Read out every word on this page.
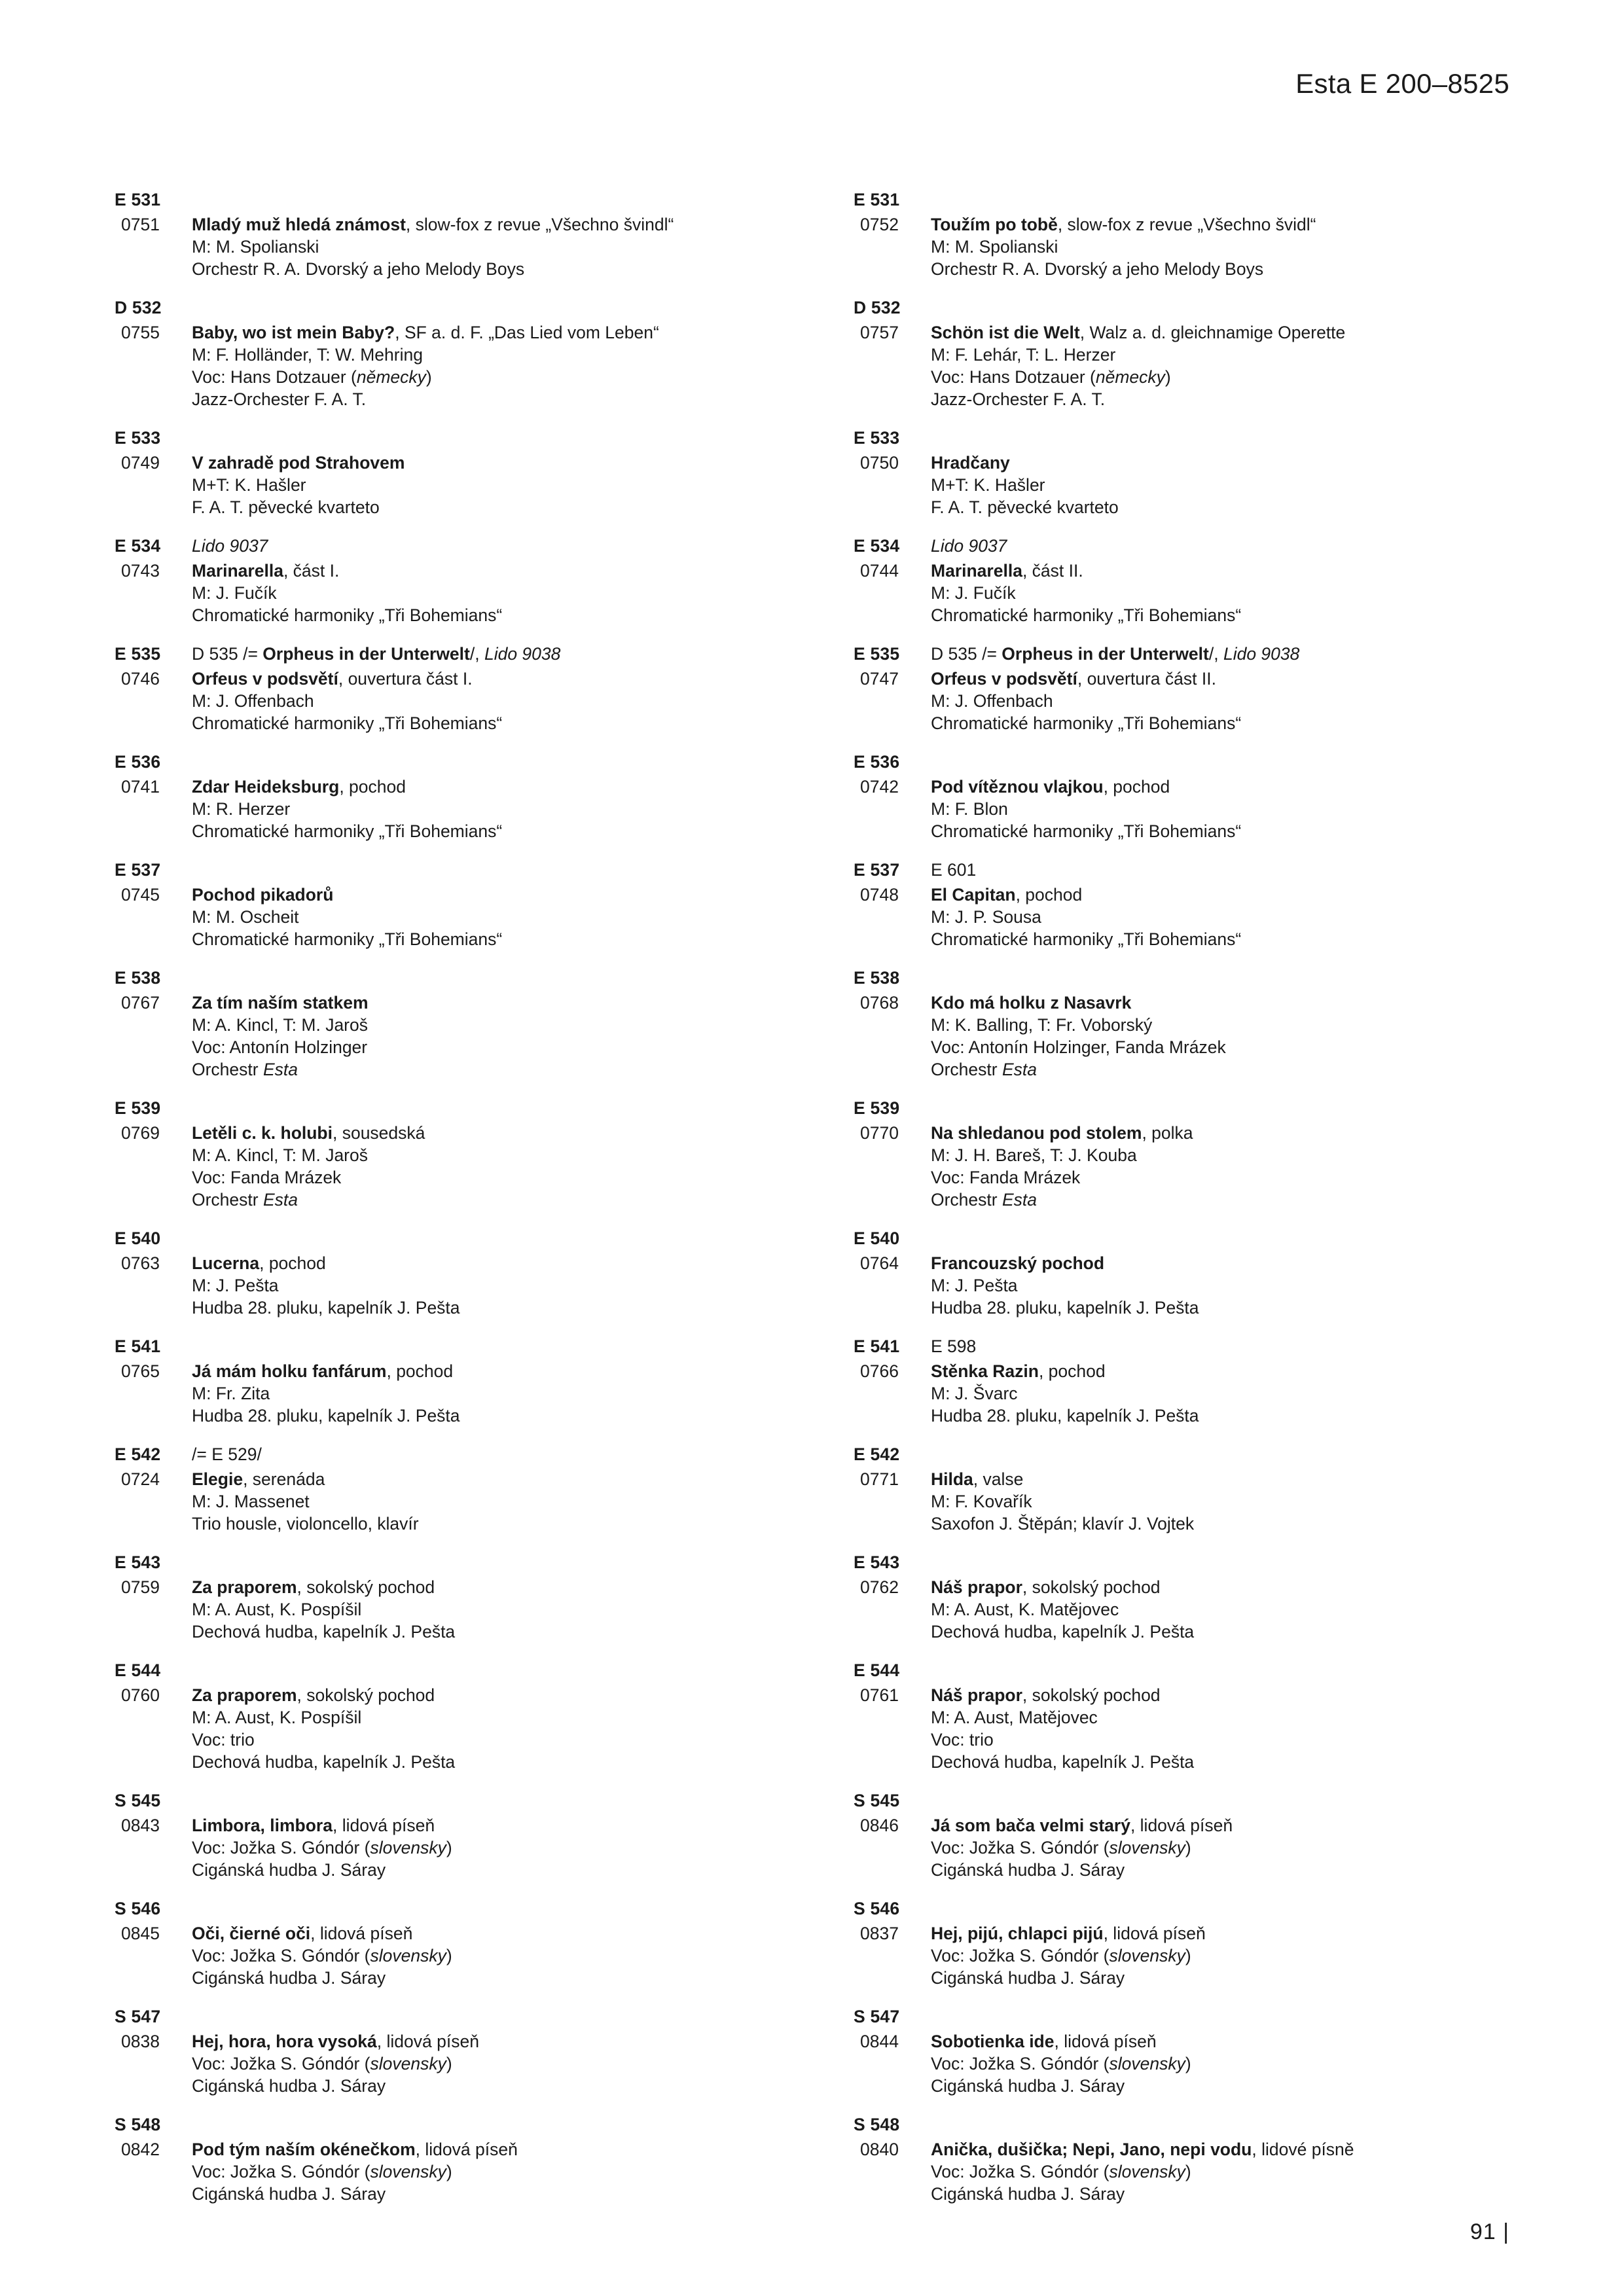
Esta E 200–8525
E 531
0751	Mladý muž hledá známost, slow-fox z revue „Všechno švindl“
M: M. Spolianski
Orchestr R. A. Dvorský a jeho Melody Boys
D 532
0755	Baby, wo ist mein Baby?, SF a. d. F. „Das Lied vom Leben“
M: F. Holländer, T: W. Mehring
Voc: Hans Dotzauer (německy)
Jazz-Orchester F. A. T.
E 533
0749	V zahradě pod Strahovem
M+T: K. Hašler
F. A. T. pěvecké kvarteto
E 534	Lido 9037
0743	Marinarella, část I.
M: J. Fučík
Chromatické harmoniky „Tři Bohemians“
E 535	D 535 /= Orpheus in der Unterwelt/, Lido 9038
0746	Orfeus v podsvětí, ouvertura část I.
M: J. Offenbach
Chromatické harmoniky „Tři Bohemians“
E 536
0741	Zdar Heideksburg, pochod
M: R. Herzer
Chromatické harmoniky „Tři Bohemians“
E 537
0745	Pochod pikadorů
M: M. Oscheit
Chromatické harmoniky „Tři Bohemians“
E 538
0767	Za tím naším statkem
M: A. Kincl, T: M. Jaroš
Voc: Antonín Holzinger
Orchestr Esta
E 539
0769	Letěli c. k. holubi, sousedská
M: A. Kincl, T: M. Jaroš
Voc: Fanda Mrázek
Orchestr Esta
E 540
0763	Lucerna, pochod
M: J. Pešta
Hudba 28. pluku, kapelník J. Pešta
E 541
0765	Já mám holku fanfárum, pochod
M: Fr. Zita
Hudba 28. pluku, kapelník J. Pešta
E 542	/= E 529/
0724	Elegie, serenáda
M: J. Massenet
Trio housle, violoncello, klavír
E 543
0759	Za praporem, sokolský pochod
M: A. Aust, K. Pospíšil
Dechová hudba, kapelník J. Pešta
E 544
0760	Za praporem, sokolský pochod
M: A. Aust, K. Pospíšil
Voc: trio
Dechová hudba, kapelník J. Pešta
S 545
0843	Limbora, limbora, lidová píseň
Voc: Jožka S. Góndór (slovensky)
Cigánská hudba J. Sáray
S 546
0845	Oči, čierné oči, lidová píseň
Voc: Jožka S. Góndór (slovensky)
Cigánská hudba J. Sáray
S 547
0838	Hej, hora, hora vysoká, lidová píseň
Voc: Jožka S. Góndór (slovensky)
Cigánská hudba J. Sáray
S 548
0842	Pod tým naším okénečkom, lidová píseň
Voc: Jožka S. Góndór (slovensky)
Cigánská hudba J. Sáray
E 531
0752	Toužím po tobě, slow-fox z revue „Všechno švidl“
M: M. Spolianski
Orchestr R. A. Dvorský a jeho Melody Boys
D 532
0757	Schön ist die Welt, Walz a. d. gleichnamige Operette
M: F. Lehár, T: L. Herzer
Voc: Hans Dotzauer (německy)
Jazz-Orchester F. A. T.
E 533
0750	Hradčany
M+T: K. Hašler
F. A. T. pěvecké kvarteto
E 534	Lido 9037
0744	Marinarella, část II.
M: J. Fučík
Chromatické harmoniky „Tři Bohemians“
E 535	D 535 /= Orpheus in der Unterwelt/, Lido 9038
0747	Orfeus v podsvětí, ouvertura část II.
M: J. Offenbach
Chromatické harmoniky „Tři Bohemians“
E 536
0742	Pod vítěznou vlajkou, pochod
M: F. Blon
Chromatické harmoniky „Tři Bohemians“
E 537	E 601
0748	El Capitan, pochod
M: J. P. Sousa
Chromatické harmoniky „Tři Bohemians“
E 538
0768	Kdo má holku z Nasavrk
M: K. Balling, T: Fr. Voborský
Voc: Antonín Holzinger, Fanda Mrázek
Orchestr Esta
E 539
0770	Na shledanou pod stolem, polka
M: J. H. Bareš, T: J. Kouba
Voc: Fanda Mrázek
Orchestr Esta
E 540
0764	Francouzský pochod
M: J. Pešta
Hudba 28. pluku, kapelník J. Pešta
E 541	E 598
0766	Stěnka Razin, pochod
M: J. Švarc
Hudba 28. pluku, kapelník J. Pešta
E 542
0771	Hilda, valse
M: F. Kovařík
Saxofon J. Štěpán; klavír J. Vojtek
E 543
0762	Náš prapor, sokolský pochod
M: A. Aust, K. Matějovec
Dechová hudba, kapelník J. Pešta
E 544
0761	Náš prapor, sokolský pochod
M: A. Aust, Matějovec
Voc: trio
Dechová hudba, kapelník J. Pešta
S 545
0846	Já som bača velmi starý, lidová píseň
Voc: Jožka S. Góndór (slovensky)
Cigánská hudba J. Sáray
S 546
0837	Hej, pijú, chlapci pijú, lidová píseň
Voc: Jožka S. Góndór (slovensky)
Cigánská hudba J. Sáray
S 547
0844	Sobotienka ide, lidová píseň
Voc: Jožka S. Góndór (slovensky)
Cigánská hudba J. Sáray
S 548
0840	Anička, dušička; Nepi, Jano, nepi vodu, lidové písně
Voc: Jožka S. Góndór (slovensky)
Cigánská hudba J. Sáray
91 |
